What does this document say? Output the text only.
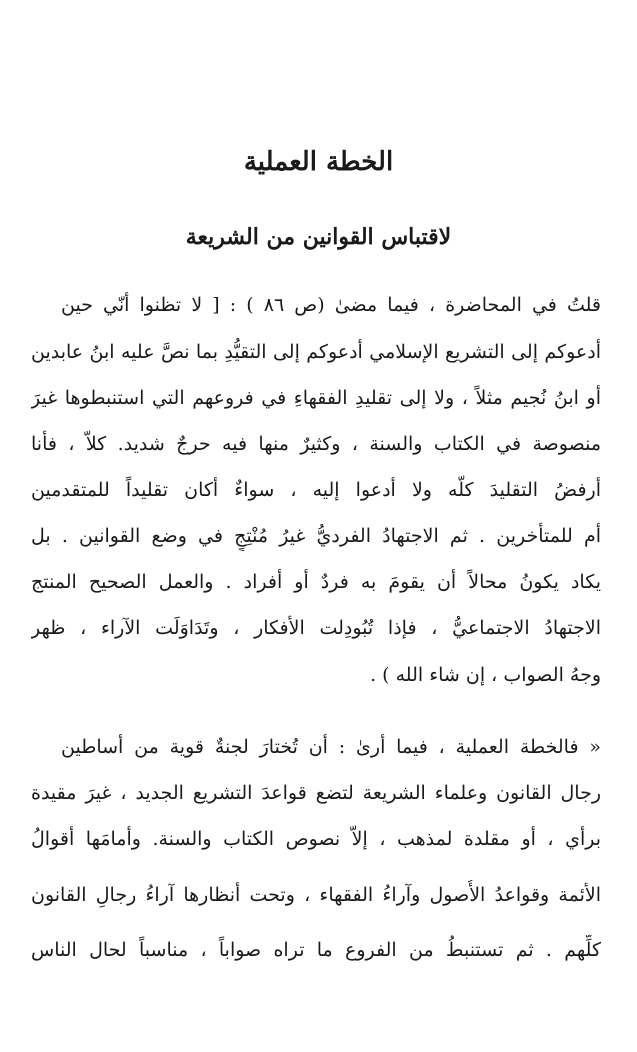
الخطة العملية
لاقتباس القوانين من الشريعة
قلتُ في المحاضرة ، فيما مضىٰ (ص ٨٦ ) : [ لا تظنوا أنّي حين
أدعوكم إلى التشريع الإسلامي أدعوكم إلى التقيُّدِ بما نصَّ عليه ابنُ عابدين
أو ابنُ نُجيم مثلاً ، ولا إلى تقليدِ الفقهاءِ في فروعهم التي استنبطوها غيرَ
منصوصة في الكتاب والسنة ، وكثيرٌ منها فيه حرجٌ شديد. كلاّ ، فأنا
أرفضُ التقليدَ كلَّه ولا أدعوا إليه ، سواءٌ أكان تقليداً للمتقدمين
أم للمتأخرين . ثم الاجتهادُ الفرديُّ غيرُ مُنْتِجٍ في وضع القوانين . بل
يكاد يكونُ محالاً أن يقومَ به فردٌ أو أفراد . والعمل الصحيح المنتج
الاجتهادُ الاجتماعيُّ ، فإذا تُبُودِلت الأفكار ، وتَدَاوَلَت الآراء ، ظهر
وجهُ الصواب ، إن شاء الله ) .
« فالخطة العملية ، فيما أرىٰ : أن تُختارَ لجنةٌ قوية من أساطين
رجال القانون وعلماء الشريعة لتضع قواعدَ التشريع الجديد ، غيرَ مقيدة
برأي ، أو مقلدة لمذهب ، إلاّ نصوص الكتاب والسنة. وأمامَها أقوالُ
الأئمة وقواعدُ الأُصول وآراءُ الفقهاء ، وتحت أنظارها آراءُ رجالِ القانون
كلِّهم . ثم تستنبطُ من الفروع ما تراه صواباً ، مناسباً لحال الناس
